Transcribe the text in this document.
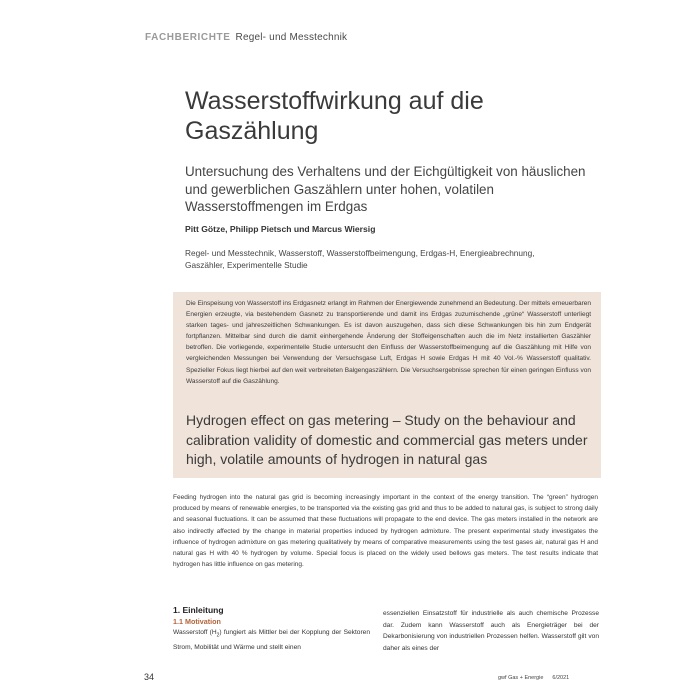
FACHBERICHTE Regel- und Messtechnik
Wasserstoffwirkung auf die Gaszählung
Untersuchung des Verhaltens und der Eichgültigkeit von häuslichen und gewerblichen Gaszählern unter hohen, volatilen Wasserstoffmengen im Erdgas
Pitt Götze, Philipp Pietsch und Marcus Wiersig
Regel- und Messtechnik, Wasserstoff, Wasserstoffbeimengung, Erdgas-H, Energieabrechnung, Gaszähler, Experimentelle Studie
Die Einspeisung von Wasserstoff ins Erdgasnetz erlangt im Rahmen der Energiewende zunehmend an Bedeutung. Der mittels erneuerbaren Energien erzeugte, via bestehendem Gasnetz zu transportierende und damit ins Erdgas zuzumischende „grüne“ Wasserstoff unterliegt starken tages- und jahreszeitlichen Schwankungen. Es ist davon auszugehen, dass sich diese Schwankungen bis hin zum Endgerät fortpflanzen. Mittelbar sind durch die damit einhergehende Änderung der Stoffeigenschaften auch die im Netz installierten Gaszähler betroffen. Die vorliegende, experimentelle Studie untersucht den Einfluss der Wasserstoffbeimengung auf die Gaszählung mit Hilfe von vergleichenden Messungen bei Verwendung der Versuchsgase Luft, Erdgas H sowie Erdgas H mit 40 Vol.-% Wasserstoff qualitativ. Spezieller Fokus liegt hierbei auf den weit verbreiteten Balgengaszählern. Die Versuchsergebnisse sprechen für einen geringen Einfluss von Wasserstoff auf die Gaszählung.
Hydrogen effect on gas metering – Study on the behaviour and calibration validity of domestic and commercial gas meters under high, volatile amounts of hydrogen in natural gas
Feeding hydrogen into the natural gas grid is becoming increasingly important in the context of the energy transition. The “green” hydrogen produced by means of renewable energies, to be transported via the existing gas grid and thus to be added to natural gas, is subject to strong daily and seasonal fluctuations. It can be assumed that these fluctuations will propagate to the end device. The gas meters installed in the network are also indirectly affected by the change in material properties induced by hydrogen admixture. The present experimental study investigates the influence of hydrogen admixture on gas metering qualitatively by means of comparative measurements using the test gases air, natural gas H and natural gas H with 40 % hydrogen by volume. Special focus is placed on the widely used bellows gas meters. The test results indicate that hydrogen has little influence on gas metering.
1. Einleitung
1.1 Motivation
Wasserstoff $(H_2)$ fungiert als Mittler bei der Kopplung der Sektoren Strom, Mobilität und Wärme und stellt einen
essenziellen Einsatzstoff für industrielle als auch chemische Prozesse dar. Zudem kann Wasserstoff auch als Energieträger bei der Dekarbonisierung von industriellen Prozessen helfen. Wasserstoff gilt von daher als eines der
34	gwf Gas + Energie 6/2021
